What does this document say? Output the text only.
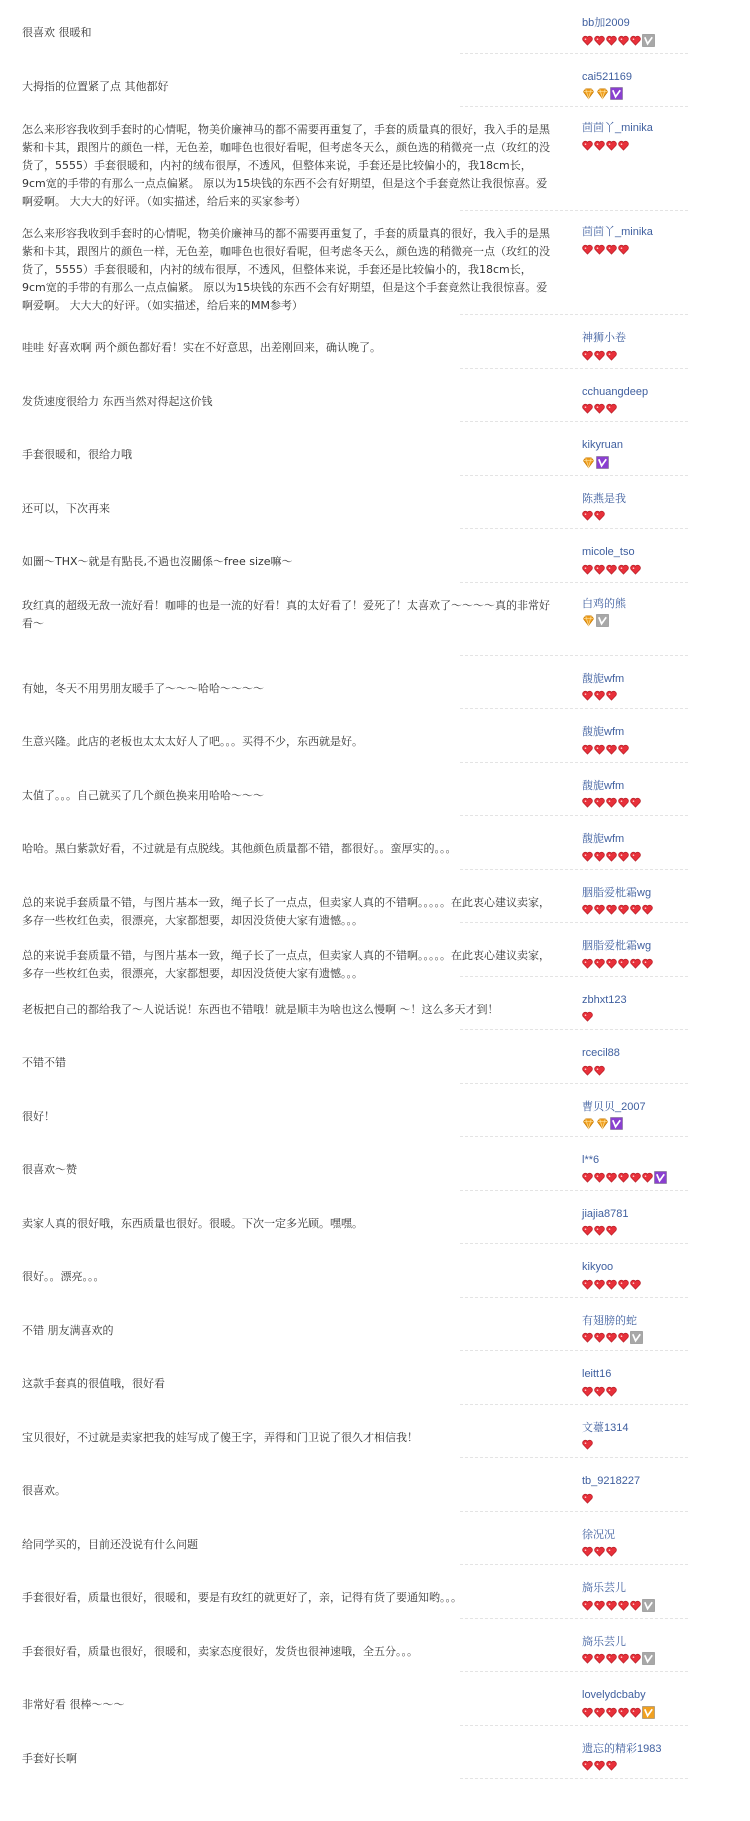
很喜欢 很暖和
bb加2009
大拇指的位置紧了点 其他都好
cai521169
怎么来形容我收到手套时的心情呢，物美价廉神马的都不需要再重复了，手套的质量真的很好，我入手的是黑紫和卡其，跟图片的颜色一样，无色差，咖啡色也很好看呢，但考虑冬天么，颜色选的稍微亮一点（玫红的没货了，5555）手套很暖和，内衬的绒布很厚，不透风，但整体来说，手套还是比较偏小的，我18cm长，9cm宽的手带的有那么一点点偏紧。 原以为15块钱的东西不会有好期望，但是这个手套竟然让我很惊喜。爱啊爱啊。 大大大的好评。（如实描述，给后来的买家参考）
茴茴丫_minika
怎么来形容我收到手套时的心情呢，物美价廉神马的都不需要再重复了，手套的质量真的很好，我入手的是黑紫和卡其，跟图片的颜色一样，无色差，咖啡色也很好看呢，但考虑冬天么，颜色选的稍微亮一点（玫红的没货了，5555）手套很暖和，内衬的绒布很厚，不透风，但整体来说，手套还是比较偏小的，我18cm长，9cm宽的手带的有那么一点点偏紧。 原以为15块钱的东西不会有好期望，但是这个手套竟然让我很惊喜。爱啊爱啊。 大大大的好评。（如实描述，给后来的MM参考）
茴茴丫_minika
哇哇 好喜欢啊 两个颜色都好看！实在不好意思，出差刚回来，确认晚了。
神狮小卷
发货速度很给力 东西当然对得起这价钱
cchuangdeep
手套很暖和，很给力哦
kikyruan
还可以，下次再来
陈燕是我
如圖～THX～就是有點長,不過也沒關係～free size嘛～
micole_tso
玫红真的超级无敌一流好看！咖啡的也是一流的好看！真的太好看了！爱死了！太喜欢了～～～～真的非常好看～
白鸡的熊
有她，冬天不用男朋友暖手了～～～哈哈～～～～
馥旎wfm
生意兴隆。此店的老板也太太太好人了吧。。。买得不少，东西就是好。
馥旎wfm
太值了。。。自己就买了几个颜色换来用哈哈～～～
馥旎wfm
哈哈。黑白紫款好看，不过就是有点脱线。其他颜色质量都不错，都很好。。蛮厚实的。。。
馥旎wfm
总的来说手套质量不错，与图片基本一致，绳子长了一点点，但卖家人真的不错啊。。。。。在此衷心建议卖家，多存一些枚红色卖，很漂亮，大家都想要，却因没货使大家有遗憾。。。
胭脂爱枇霜wg
总的来说手套质量不错，与图片基本一致，绳子长了一点点，但卖家人真的不错啊。。。。。在此衷心建议卖家，多存一些枚红色卖，很漂亮，大家都想要，却因没货使大家有遗憾。。。
胭脂爱枇霜wg
老板把自己的都给我了～人说话说！东西也不错哦！就是顺丰为啥也这么慢啊 ～！这么多天才到！
zbhxt123
不错不错
rcecil88
很好！
曹贝贝_2007
很喜欢～赞
l**6
卖家人真的很好哦，东西质量也很好。很暖。下次一定多光顾。嘿嘿。
jiajia8781
很好。。漂亮。。。
kikyoo
不错 朋友满喜欢的
有翅膀的蛇
这款手套真的很值哦，很好看
leitt16
宝贝很好，不过就是卖家把我的娃写成了傻王字，弄得和门卫说了很久才相信我！
文薹1314
很喜欢。
tb_9218227
给同学买的，目前还没说有什么问题
徐况况
手套很好看，质量也很好，很暖和，要是有玫红的就更好了，亲，记得有货了要通知哟。。。
旖乐芸儿
手套很好看，质量也很好，很暖和，卖家态度很好，发货也很神速哦，全五分。。。
旖乐芸儿
非常好看 很棒～～～
lovelydcbaby
手套好长啊
遗忘的精彩1983
